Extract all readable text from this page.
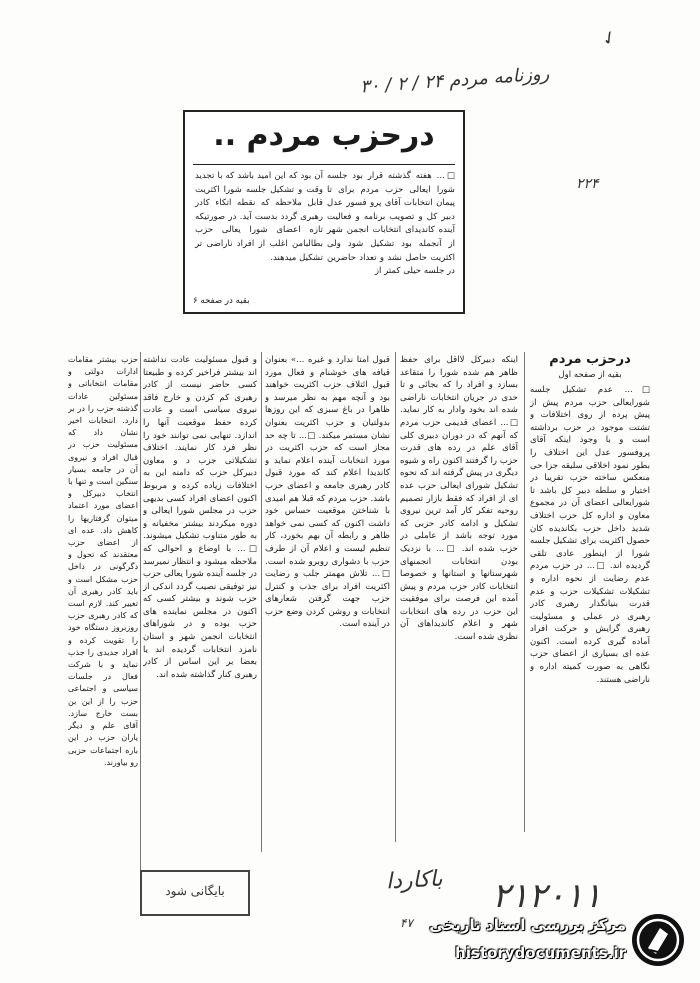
✓
روزنامه مردم ۲۴ / ۲ / ۳۰
۲۲۴
درحزب مردم ..
□... هفته گذشته قرار بود جلسه شورا ایعالی حزب مردم برای تا پیمان انتخابات آقای پرو فسور عدل دبیر کل و تصویب برنامه و فعالیت آینده کاندیدای انتخابات انجمن شهر از آنجمله بود تشکیل شود ولی اکثریت حاصل نشد و تعداد حاضرین در جلسه حیلی کمتر از
آن بود که این امید باشد که با تجدید وقت و تشکیل جلسه شورا اکثریت قابل ملاحظه که نقطه اتکاء کادر رهبری گردد بدست آید. در صورتیکه تازه اعضای شورا یعالی حزب بطالبامن اغلب از افراد ناراضی تر تشکیل میدهند.
بقیه در صفحه ۶
درحزب مردم
بقیه از صفحه اول
□... عدم تشکیل جلسه شورایعالی حزب مردم پیش از پیش پرده از روی اختلافات و تشتت موجود در حزب برداشته است و با وجود اینکه آقای پروفسور عدل این اختلاف را بطور نمود اخلاقی سلیقه جزا حی منعکس ساخته حزب تقریبا در اختیار و سلطه دبیر کل باشد تا شورایعالی اعضای آن در مجموع معاون و اداره کل حزب اختلاف شدید داخل حزب بکاندیده کان حصول اکثریت برای تشکیل جلسه شورا از اینطور عادی تلقی گردیده اند. □... در حزب مردم عدم رضایت از نحوه اداره و تشکیلات تشکیلات حزب و عدم قدرت بنیانگذار رهبری کادر رهبری در عملی و مسئولیت رهبری گرایش و حرکت افراد آماده گیری کرده است. اکنون عده ای بسیاری از اعضای حزب نگاهی به صورت کمیته اداره و ناراضی هستند.
اینکه دبیرکل لااقل برای حفظ ظاهر هم شده شورا را متقاعد بسازد و افراد را که بجائی و تا حدی در جریان انتخابات ناراضی شده اند بخود وادار به کار نماید. □... اعضای قدیمی حزب مردم که آنهم که در دوران دبیری کلی آقای علم در رده های قدرت حزب را گرفتند اکنون راه و شیوه دیگری در پیش گرفته اند که نحوه تشکیل شورای ایعالی حزب عده ای از افراد که فقط بازار تصمیم روحیه تفکر کار آمد ترین نیروی تشکیل و ادامه کادر حزبی که مورد توجه باشد از عاملی در حزب شده اند. □... با نزدیک بودن انتخابات انجمنهای شهرستانها و استانها و خصوصا انتخابات کادر حزب مردم و پیش آمده این فرصت برای موفقیت این حزب در رده های انتخابات شهر و اعلام کاندیداهای آن نظری شده است.
قبول امتا ندارد و غیره ...» بعنوان قیافه های خوشنام و فعال مورد قبول ائتلاف حزب اکثریت خواهند بود و آنچه مهم به نظر میرسد و ظاهرا در باغ سبزی که این روزها بدولتیان و حزب اکثریت بعنوان نشان مستمر میکند. □... تا چه حد مجاز است که حزب اکثریت در مورد انتخابات آینده اعلام نماید و کاندیدا اعلام کند که مورد قبول کادر رهبری جامعه و اعضای حزب باشد. حزب مردم که قبلا هم امیدی با شناختن موقعیت حساس خود داشت اکنون که کسی نمی خواهد ظاهر و رابطه آن بهم بخورد، کار تنظیم لیست و اعلام آن از طرف حزب با دشواری روبرو شده است. □... تلاش مهمتر جلب و رضایت اکثریت افراد برای جذب و کنترل حزب جهت گرفتن شعارهای انتخابات و روشن کردن وضع حزب در آینده است.
و قبول مسئولیت عادت نداشته اند بیشتر فراخیر کرده و طبیعتا کسی حاضر نیست از کادر رهبری کم کردن و خارج فاقد نیروی سیاسی است و عادت کرده حفظ موقعیت آنها را اندازد. تنهایی نمی توانند خود را نظر فرد کار نمایند. اختلاف تشکیلاتی جزب د و معاون دبیرکل حزب که دامنه این به اختلافات زیاده کرده و مربوط اکنون اعضای افراد کسی بدیهی حزب در مجلس شورا ایعالی و دوره میکردند بیشتر مخفیانه و به طور متناوب تشکیل میشوند. □... با اوضاع و احوالی که ملاحظه میشود و انتظار نمیرسد در جلسه آینده شورا یعالی حزب نیز توفیقی نصیب گردد اندکی از حزب شوند و بیشتر کسی که اکنون در مجلس نماینده های حزب بوده و در شوراهای انتخابات انجمن شهر و استان نامزد انتخابات گردیده اند یا بعضا بر این اساس از کادر رهبری کنار گذاشته شده اند.
حزب بیشتر مقامات ادارات دولتی و مقامات انتخاباتی و مسئولین عادات گذشته حزب را در بر دارد. انتخابات اخیر نشان داد که مسئولیت حزب در قبال افراد و نیروی آن در جامعه بسیار سنگین است و تنها با انتخاب دبیرکل و اعضای مورد اعتماد میتوان گرفتاریها را کاهش داد. عده ای از اعضای حزب معتقدند که تحول و دگرگونی در داخل حزب مشکل است و باید کادر رهبری آن تغییر کند. لازم است که کادر رهبری حزب روزبروز دستگاه خود را تقویت کرده و افراد جدیدی را جذب نماید و با شرکت فعال در جلسات سیاسی و اجتماعی حزب را از این بن بست خارج سازد. آقای علم و دیگر یاران حزب در این باره اجتماعات حزبی رو بیاورند.
بایگانی شود	باکاردا ۲۱۲۰۱۱
۴۷	مرکز بررسی اسناد تاریخی
historydocuments.ir
